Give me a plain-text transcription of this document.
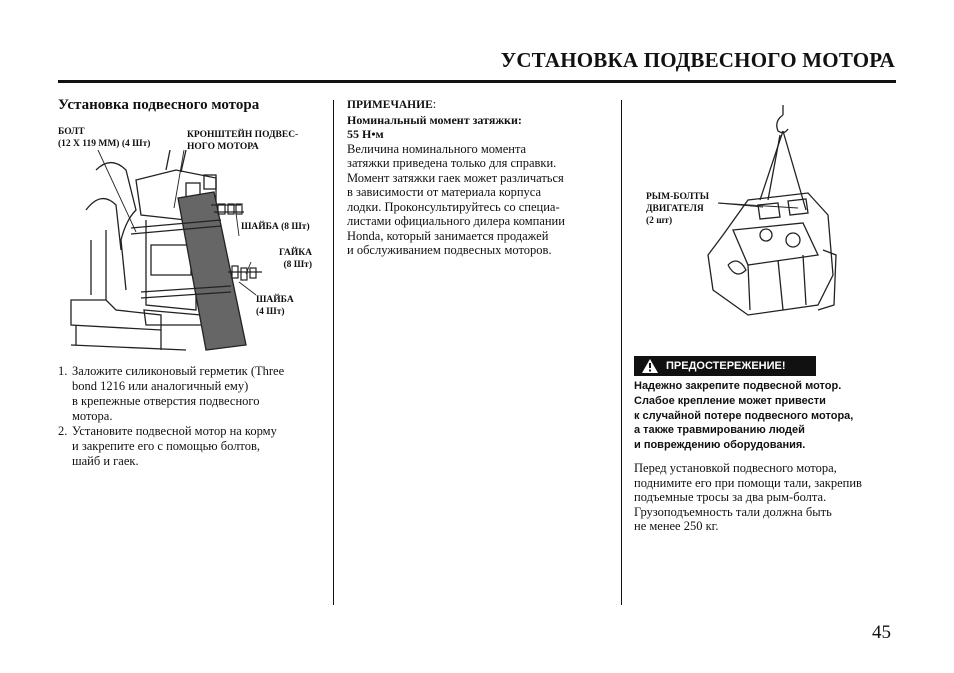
УСТАНОВКА ПОДВЕСНОГО МОТОРА
Установка подвесного мотора
БОЛТ
(12 X 119 ММ) (4 Шт)
КРОНШТЕЙН ПОДВЕС-
НОГО МОТОРА
ШАЙБА (8 Шт)
ГАЙКА
(8 Шт)
ШАЙБА
(4 Шт)
1. Заложите силиконовый герметик (Three
bond 1216 или аналогичный ему)
в крепежные отверстия подвесного
мотора.
2. Установите подвесной мотор на корму
и закрепите его с помощью болтов,
шайб и гаек.
ПРИМЕЧАНИЕ:
Номинальный момент затяжки:
55 Н•м
Величина номинального момента
затяжки приведена только для справки.
Момент затяжки гаек может различаться
в зависимости от материала корпуса
лодки. Проконсультируйтесь со специа-
листами официального дилера компании
Honda, который занимается продажей
и обслуживанием подвесных моторов.
РЫМ-БОЛТЫ
ДВИГАТЕЛЯ
(2 шт)
ПРЕДОСТЕРЕЖЕНИЕ!
Надежно закрепите подвесной мотор.
Слабое крепление может привести
к случайной потере подвесного мотора,
а также травмированию людей
и повреждению оборудования.
Перед установкой подвесного мотора,
поднимите его при помощи тали, закрепив
подъемные тросы за два рым-болта.
Грузоподъемность тали должна быть
не менее 250 кг.
45
